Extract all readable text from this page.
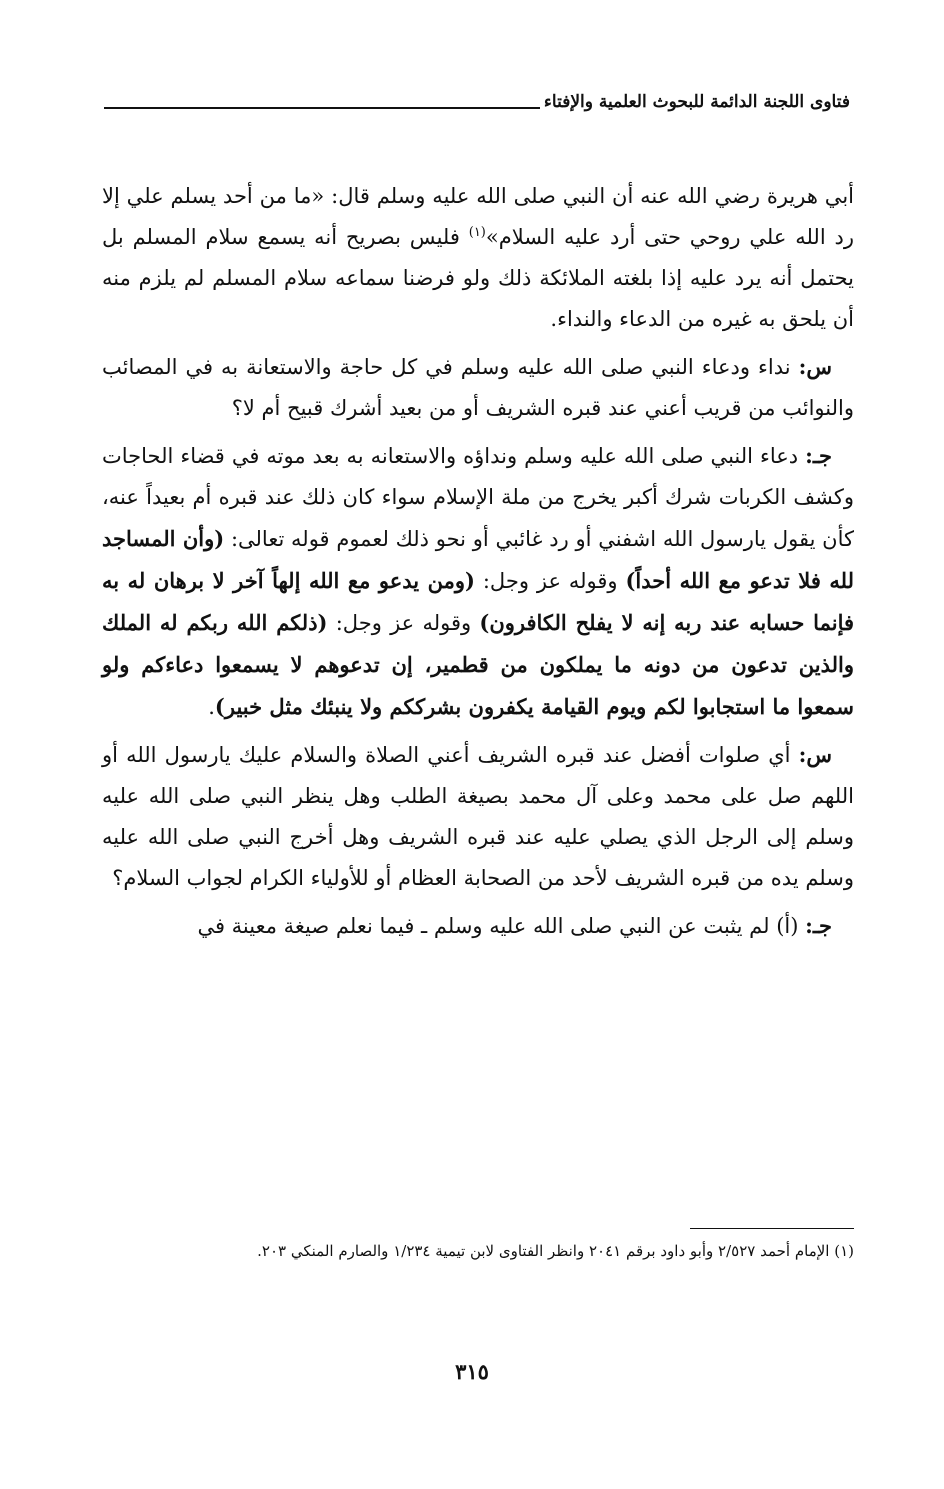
فتاوى اللجنة الدائمة للبحوث العلمية والإفتاء

أبي هريرة رضي الله عنه أن النبي صلى الله عليه وسلم قال: «ما من أحد يسلم علي إلا رد الله علي روحي حتى أرد عليه السلام»$^{(١)}$ فليس بصريح أنه يسمع سلام المسلم بل يحتمل أنه يرد عليه إذا بلغته الملائكة ذلك ولو فرضنا سماعه سلام المسلم لم يلزم منه أن يلحق به غيره من الدعاء والنداء.

س: نداء ودعاء النبي صلى الله عليه وسلم في كل حاجة والاستعانة به في المصائب والنوائب من قريب أعني عند قبره الشريف أو من بعيد أشرك قبيح أم لا؟

جـ: دعاء النبي صلى الله عليه وسلم ونداؤه والاستعانه به بعد موته في قضاء الحاجات وكشف الكربات شرك أكبر يخرج من ملة الإسلام سواء كان ذلك عند قبره أم بعيداً عنه، كأن يقول يارسول الله اشفني أو رد غائبي أو نحو ذلك لعموم قوله تعالى: (وأن المساجد لله فلا تدعو مع الله أحداً) وقوله عز وجل: (ومن يدعو مع الله إلهاً آخر لا برهان له به فإنما حسابه عند ربه إنه لا يفلح الكافرون) وقوله عز وجل: (ذلكم الله ربكم له الملك والذين تدعون من دونه ما يملكون من قطمير، إن تدعوهم لا يسمعوا دعاءكم ولو سمعوا ما استجابوا لكم ويوم القيامة يكفرون بشرككم ولا ينبئك مثل خبير).

س: أي صلوات أفضل عند قبره الشريف أعني الصلاة والسلام عليك يارسول الله أو اللهم صل على محمد وعلى آل محمد بصيغة الطلب وهل ينظر النبي صلى الله عليه وسلم إلى الرجل الذي يصلي عليه عند قبره الشريف وهل أخرج النبي صلى الله عليه وسلم يده من قبره الشريف لأحد من الصحابة العظام أو للأولياء الكرام لجواب السلام؟

جـ: (أ) لم يثبت عن النبي صلى الله عليه وسلم ـ فيما نعلم صيغة معينة في

(١) الإمام أحمد ٢/٥٢٧ وأبو داود برقم ٢٠٤١ وانظر الفتاوى لابن تيمية ١/٢٣٤ والصارم المنكي ٢٠٣.
٣١٥
